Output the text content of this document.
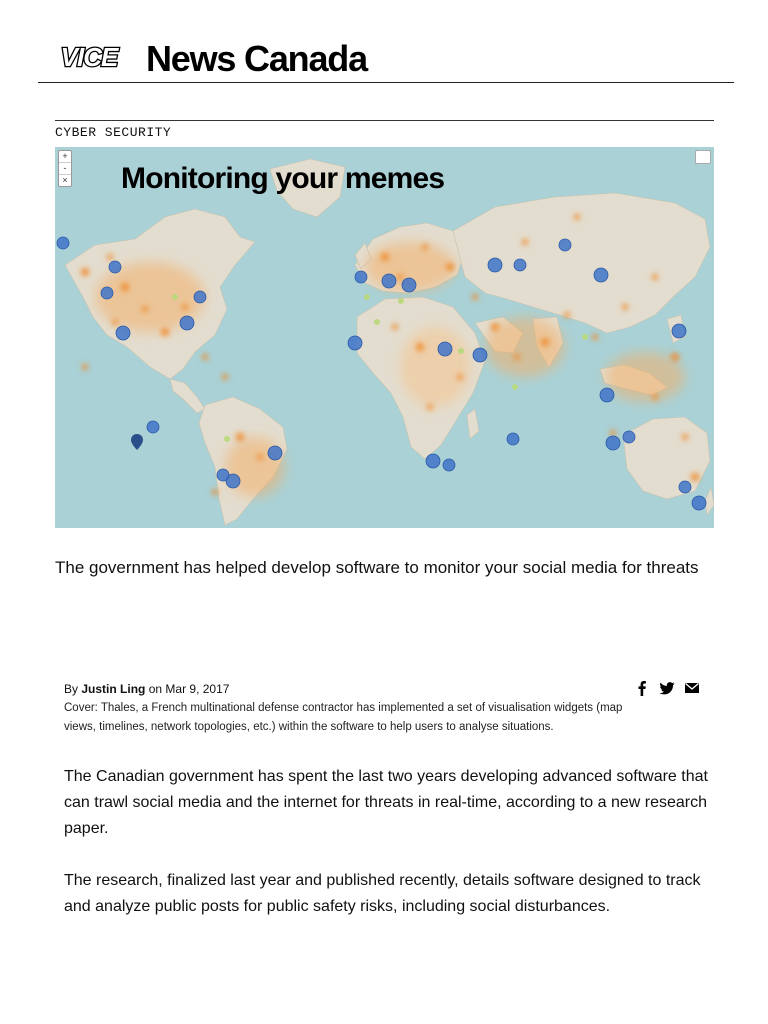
VICE News Canada
CYBER SECURITY
+
-
× Monitoring your memes
The government has helped develop software to monitor your social media for threats
By Justin Ling on Mar 9, 2017
Cover: Thales, a French multinational defense contractor has implemented a set of visualisation widgets (map views, timelines, network topologies, etc.) within the software to help users to analyse situations.

The Canadian government has spent the last two years developing advanced software that can trawl social media and the internet for threats in real-time, according to a new research paper.

The research, finalized last year and published recently, details software designed to track and analyze public posts for public safety risks, including social disturbances.
